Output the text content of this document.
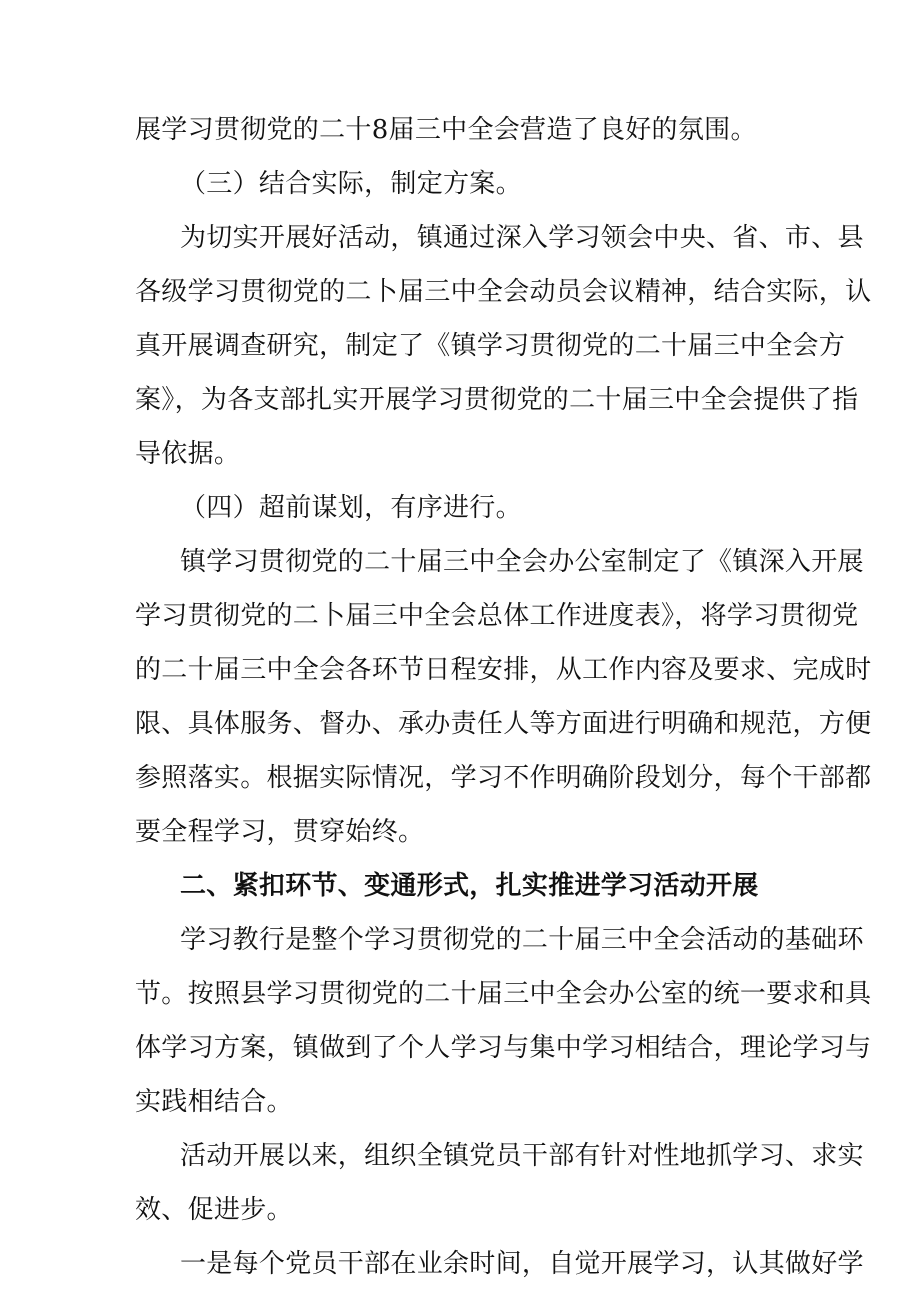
展学习贯彻党的二十8届三中全会营造了良好的氛围。
（三）结合实际，制定方案。
为切实开展好活动，镇通过深入学习领会中央、省、市、县
各级学习贯彻党的二卜届三中全会动员会议精神，结合实际，认
真开展调查研究，制定了《镇学习贯彻党的二十届三中全会方
案》，为各支部扎实开展学习贯彻党的二十届三中全会提供了指
导依据。
（四）超前谋划，有序进行。
镇学习贯彻党的二十届三中全会办公室制定了《镇深入开展
学习贯彻党的二卜届三中全会总体工作进度表》，将学习贯彻党
的二十届三中全会各环节日程安排，从工作内容及要求、完成时
限、具体服务、督办、承办责任人等方面进行明确和规范，方便
参照落实。根据实际情况，学习不作明确阶段划分，每个干部都
要全程学习，贯穿始终。
二、紧扣环节、变通形式，扎实推进学习活动开展
学习教行是整个学习贯彻党的二十届三中全会活动的基础环
节。按照县学习贯彻党的二十届三中全会办公室的统一要求和具
体学习方案，镇做到了个人学习与集中学习相结合，理论学习与
实践相结合。
活动开展以来，组织全镇党员干部有针对性地抓学习、求实
效、促进步。
一是每个党员干部在业余时间，自觉开展学习，认其做好学
